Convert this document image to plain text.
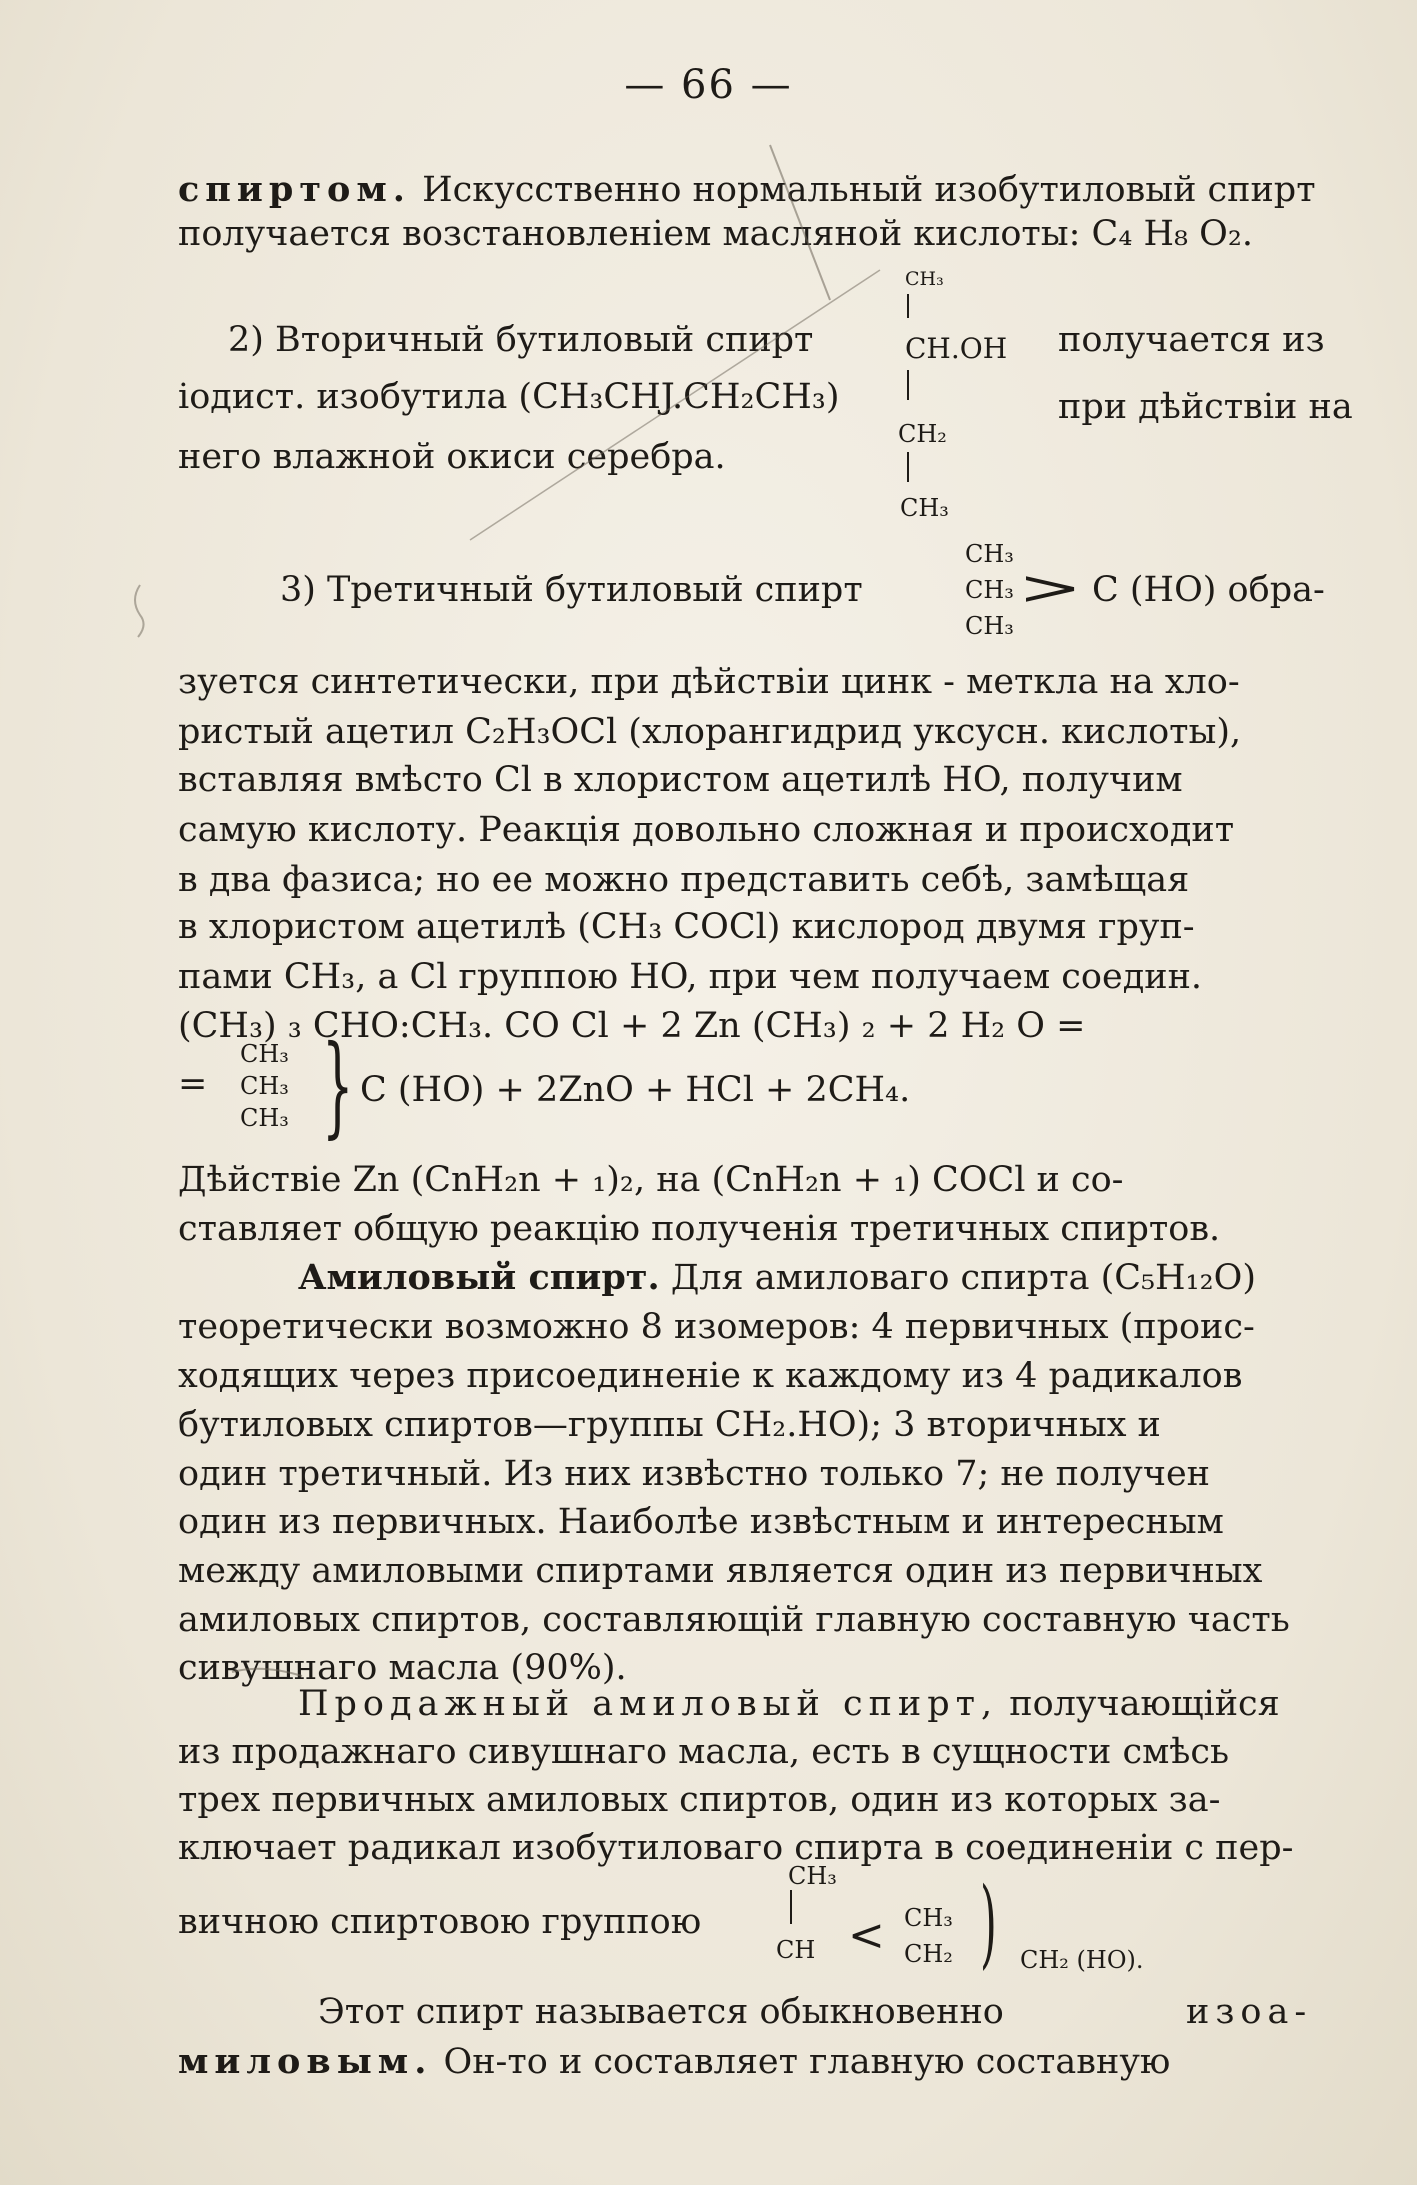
— 66 —
спиртом. Искусственно нормальный изобутиловый спирт
получается возстановленіем масляной кислоты: C₄ H₈ O₂.
2) Вторичный бутиловый спирт	получается из
іодист. изобутила (CH₃CHJ.CH₂CH₃)	при дѣйствіи на
него влажной окиси серебра.
CH₃
CH.OH
CH₂
CH₃
CH₃
CH₃
CH₃
>
3) Третичный бутиловый спирт	C (HO) обра-
зуется синтетически, при дѣйствіи цинк - меткла на хло-
ристый ацетил C₂H₃OCl (хлорангидрид уксусн. кислоты),
вставляя вмѣсто Cl в хлористом ацетилѣ HO, получим
самую кислоту. Реакція довольно сложная и происходит
в два фазиса; но ее можно представить себѣ, замѣщая
в хлористом ацетилѣ (CH₃ COCl) кислород двумя груп-
пами CH₃, а Cl группою HO, при чем получаем соедин.
(CH₃) ₃ CHO:CH₃. CO Cl + 2 Zn (CH₃) ₂ + 2 H₂ O =
=
CH₃
CH₃
CH₃ } C (HO) + 2ZnO + HCl + 2CH₄.
Дѣйствіе Zn (CnH₂n + ₁)₂, на (CnH₂n + ₁) COCl и со-
ставляет общую реакцію полученія третичных спиртов.
Амиловый спирт. Для амиловаго спирта (C₅H₁₂O)
теоретически возможно 8 изомеров: 4 первичных (проис-
ходящих через присоединеніе к каждому из 4 радикалов
бутиловых спиртов—группы CH₂.HO); 3 вторичных и
один третичный. Из них извѣстно только 7; не получен
один из первичных. Наиболѣе извѣстным и интересным
между амиловыми спиртами является один из первичных
амиловых спиртов, составляющій главную составную часть
сивушнаго масла (90%).
Продажный амиловый спирт, получающійся
из продажнаго сивушнаго масла, есть в сущности смѣсь
трех первичных амиловых спиртов, один из которых за-
ключает радикал изобутиловаго спирта в соединеніи с пер-
вичною спиртовою группою
CH₃
CH < CH₃
CH₂ ) CH₂ (HO).
Этот спирт называется обыкновенно	изоа-
миловым. Он-то и составляет главную составную
